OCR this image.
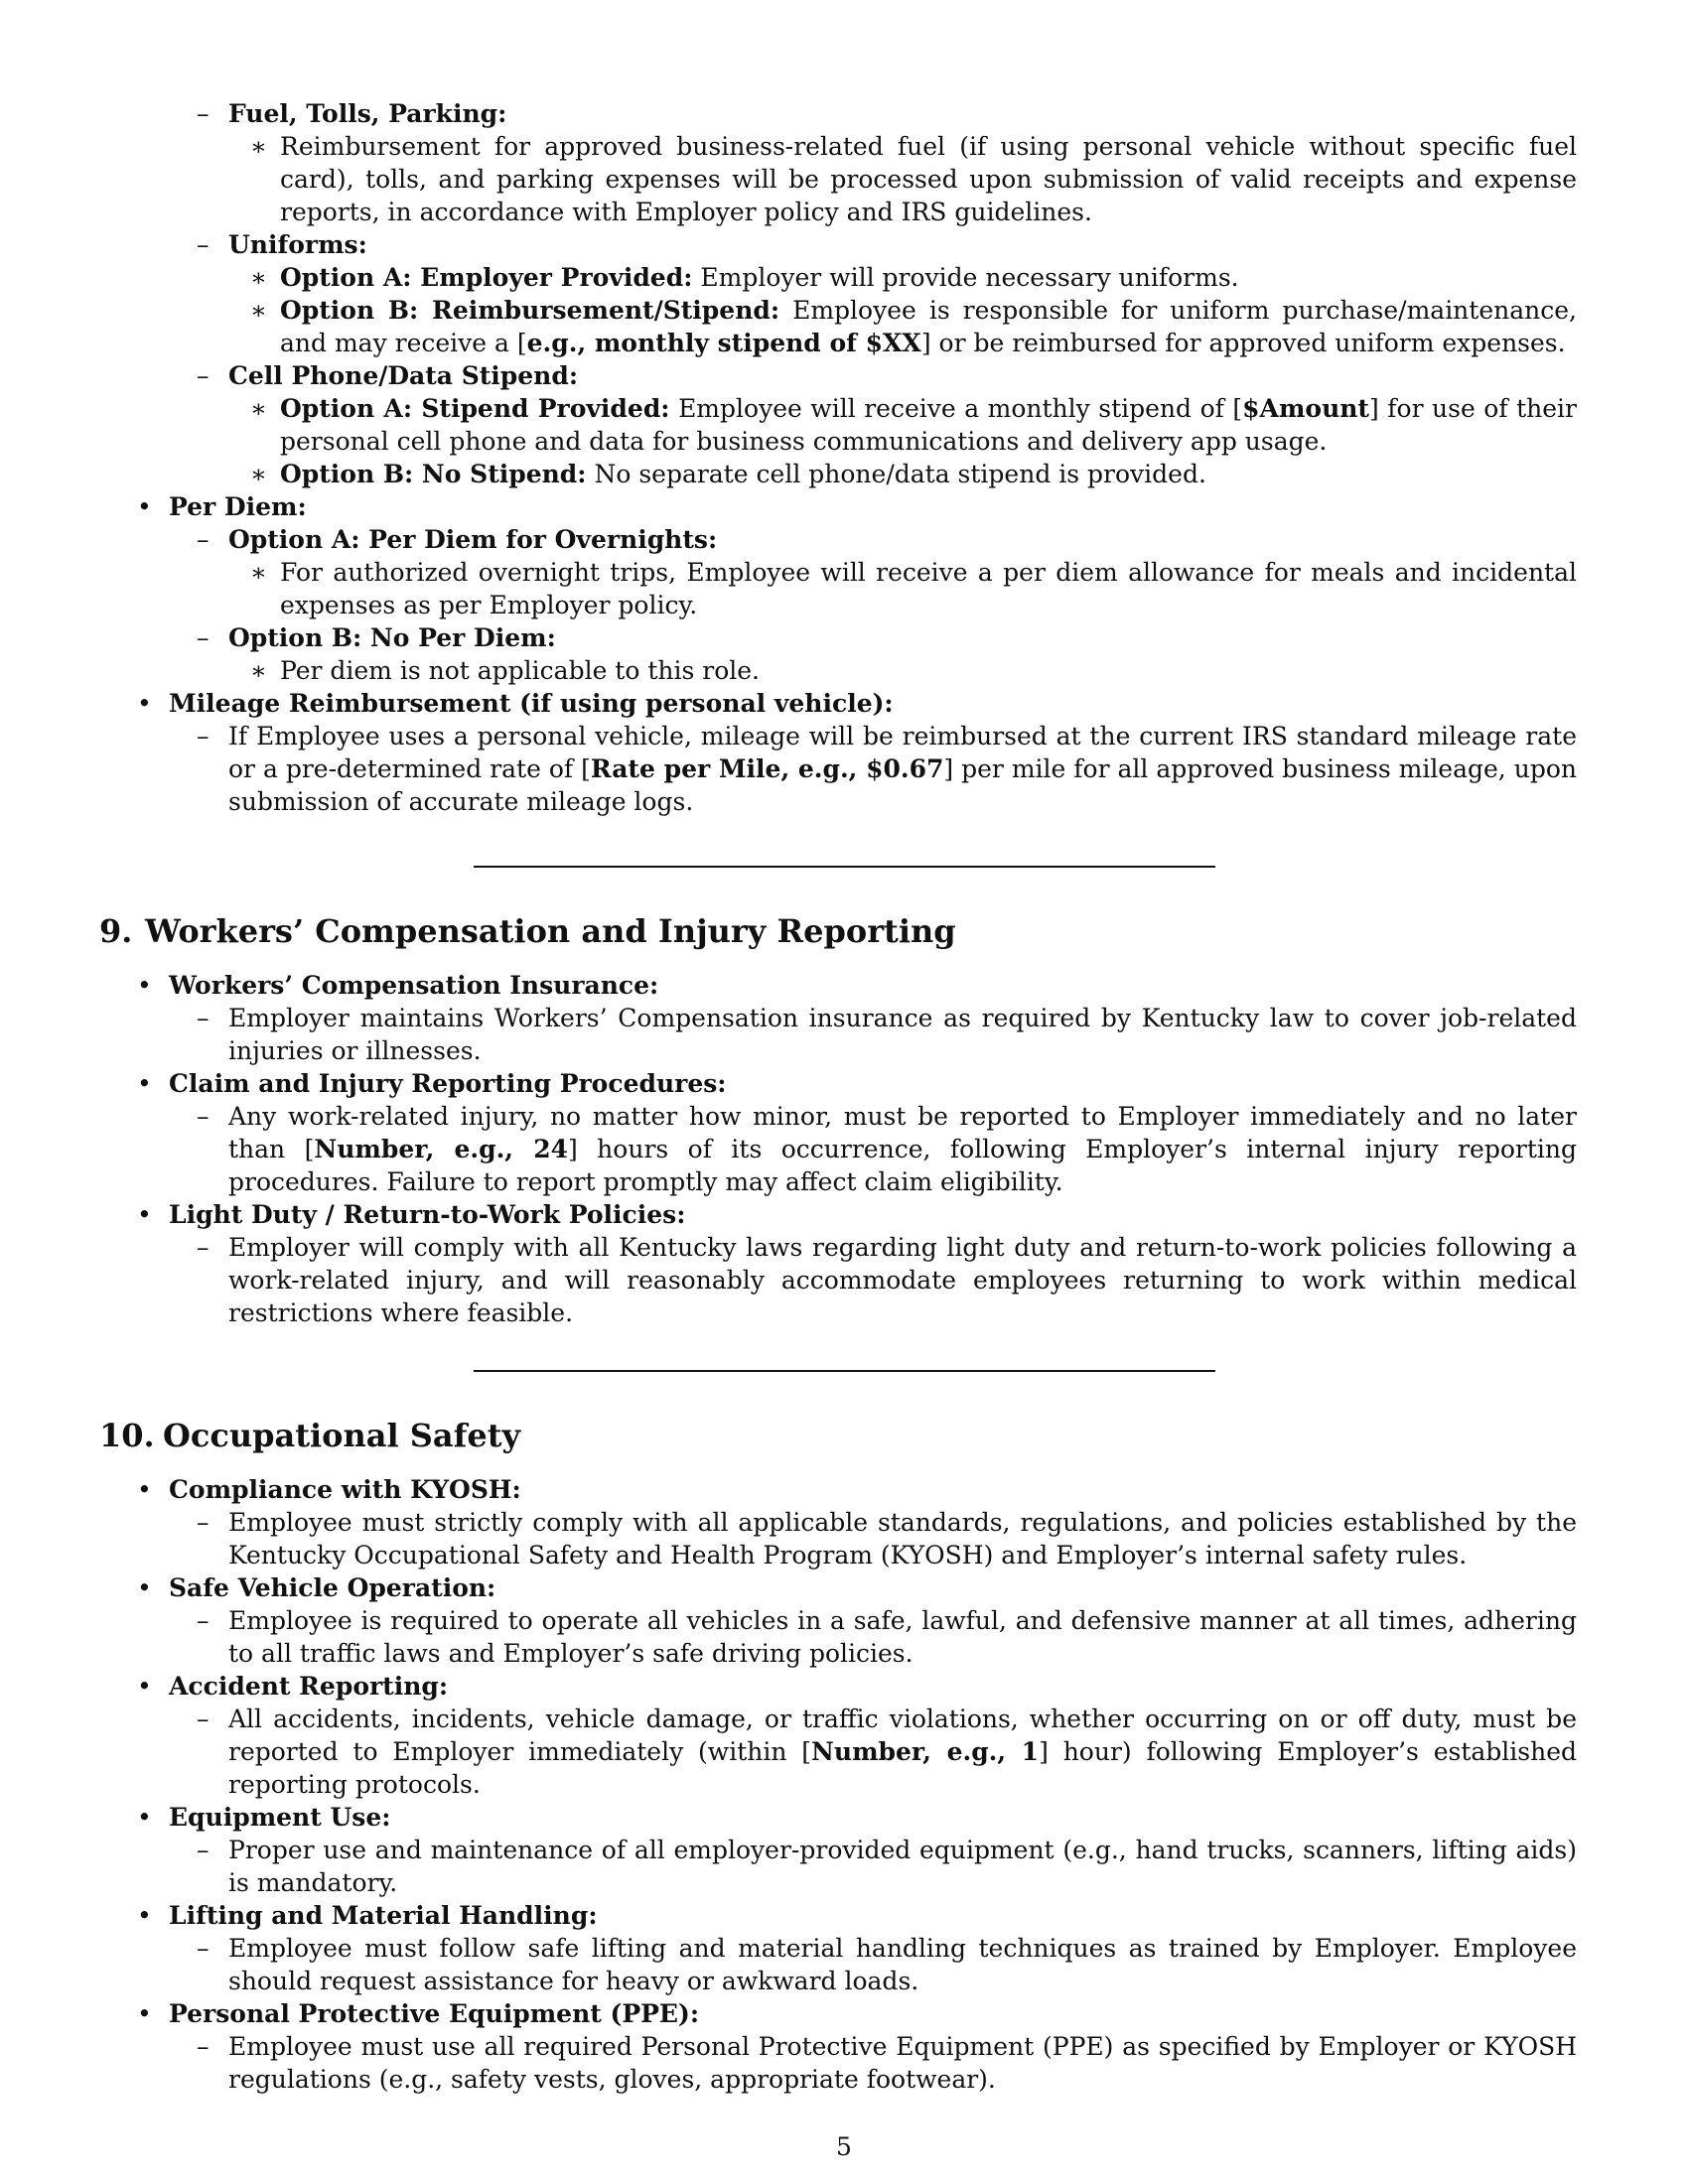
– Fuel, Tolls, Parking:
∗ Reimbursement for approved business-related fuel (if using personal vehicle without specific fuel card), tolls, and parking expenses will be processed upon submission of valid receipts and expense reports, in accordance with Employer policy and IRS guidelines.
– Uniforms:
∗ Option A: Employer Provided: Employer will provide necessary uniforms.
∗ Option B: Reimbursement/Stipend: Employee is responsible for uniform purchase/maintenance, and may receive a [e.g., monthly stipend of $XX] or be reimbursed for approved uniform expenses.
– Cell Phone/Data Stipend:
∗ Option A: Stipend Provided: Employee will receive a monthly stipend of [$Amount] for use of their personal cell phone and data for business communications and delivery app usage.
∗ Option B: No Stipend: No separate cell phone/data stipend is provided.
• Per Diem:
– Option A: Per Diem for Overnights:
∗ For authorized overnight trips, Employee will receive a per diem allowance for meals and incidental expenses as per Employer policy.
– Option B: No Per Diem:
∗ Per diem is not applicable to this role.
• Mileage Reimbursement (if using personal vehicle):
– If Employee uses a personal vehicle, mileage will be reimbursed at the current IRS standard mileage rate or a pre-determined rate of [Rate per Mile, e.g., $0.67] per mile for all approved business mileage, upon submission of accurate mileage logs.
9. Workers’ Compensation and Injury Reporting
• Workers’ Compensation Insurance:
– Employer maintains Workers’ Compensation insurance as required by Kentucky law to cover job-related injuries or illnesses.
• Claim and Injury Reporting Procedures:
– Any work-related injury, no matter how minor, must be reported to Employer immediately and no later than [Number, e.g., 24] hours of its occurrence, following Employer’s internal injury reporting procedures. Failure to report promptly may affect claim eligibility.
• Light Duty / Return-to-Work Policies:
– Employer will comply with all Kentucky laws regarding light duty and return-to-work policies following a work-related injury, and will reasonably accommodate employees returning to work within medical restrictions where feasible.
10. Occupational Safety
• Compliance with KYOSH:
– Employee must strictly comply with all applicable standards, regulations, and policies established by the Kentucky Occupational Safety and Health Program (KYOSH) and Employer’s internal safety rules.
• Safe Vehicle Operation:
– Employee is required to operate all vehicles in a safe, lawful, and defensive manner at all times, adhering to all traffic laws and Employer’s safe driving policies.
• Accident Reporting:
– All accidents, incidents, vehicle damage, or traffic violations, whether occurring on or off duty, must be reported to Employer immediately (within [Number, e.g., 1] hour) following Employer’s established reporting protocols.
• Equipment Use:
– Proper use and maintenance of all employer-provided equipment (e.g., hand trucks, scanners, lifting aids) is mandatory.
• Lifting and Material Handling:
– Employee must follow safe lifting and material handling techniques as trained by Employer. Employee should request assistance for heavy or awkward loads.
• Personal Protective Equipment (PPE):
– Employee must use all required Personal Protective Equipment (PPE) as specified by Employer or KYOSH regulations (e.g., safety vests, gloves, appropriate footwear).
5
